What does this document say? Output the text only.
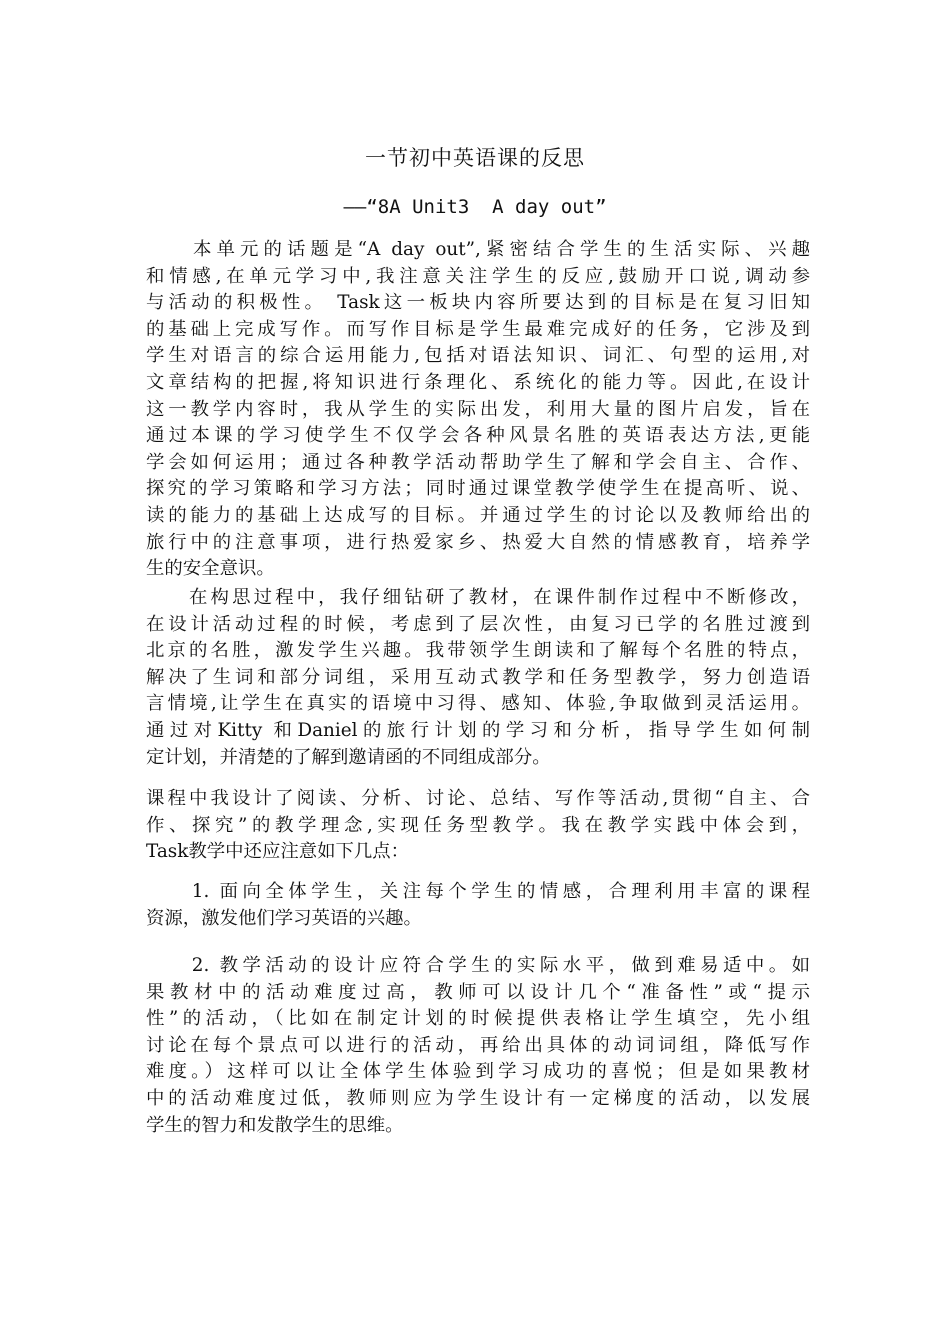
一节初中英语课的反思
——“8A Unit3  A day out”
　　本单元的话题是“A day out”,紧密结合学生的生活实际、兴趣
和情感,在单元学习中,我注意关注学生的反应,鼓励开口说,调动参
与活动的积极性。 Task这一板块内容所要达到的目标是在复习旧知
的基础上完成写作。而写作目标是学生最难完成好的任务，它涉及到
学生对语言的综合运用能力,包括对语法知识、词汇、句型的运用,对
文章结构的把握,将知识进行条理化、系统化的能力等。因此,在设计
这一教学内容时，我从学生的实际出发，利用大量的图片启发，旨在
通过本课的学习使学生不仅学会各种风景名胜的英语表达方法,更能
学会如何运用；通过各种教学活动帮助学生了解和学会自主、合作、
探究的学习策略和学习方法；同时通过课堂教学使学生在提高听、说、
读的能力的基础上达成写的目标。并通过学生的讨论以及教师给出的
旅行中的注意事项，进行热爱家乡、热爱大自然的情感教育，培养学
生的安全意识。
　　在构思过程中，我仔细钻研了教材，在课件制作过程中不断修改，
在设计活动过程的时候，考虑到了层次性，由复习已学的名胜过渡到
北京的名胜，激发学生兴趣。我带领学生朗读和了解每个名胜的特点，
解决了生词和部分词组，采用互动式教学和任务型教学，努力创造语
言情境,让学生在真实的语境中习得、感知、体验,争取做到灵活运用。
通过对Kitty 和Daniel的旅行计划的学习和分析，指导学生如何制
定计划，并清楚的了解到邀请函的不同组成部分。
课程中我设计了阅读、分析、讨论、总结、写作等活动,贯彻“自主、合
作、探究”的教学理念,实现任务型教学。我在教学实践中体会到，
Task教学中还应注意如下几点：
　　1. 面向全体学生，关注每个学生的情感，合理利用丰富的课程
资源，激发他们学习英语的兴趣。
　　2. 教学活动的设计应符合学生的实际水平，做到难易适中。如
果教材中的活动难度过高，教师可以设计几个“准备性”或“提示
性”的活动，（比如在制定计划的时候提供表格让学生填空，先小组
讨论在每个景点可以进行的活动，再给出具体的动词词组，降低写作
难度。）这样可以让全体学生体验到学习成功的喜悦；但是如果教材
中的活动难度过低，教师则应为学生设计有一定梯度的活动，以发展
学生的智力和发散学生的思维。
